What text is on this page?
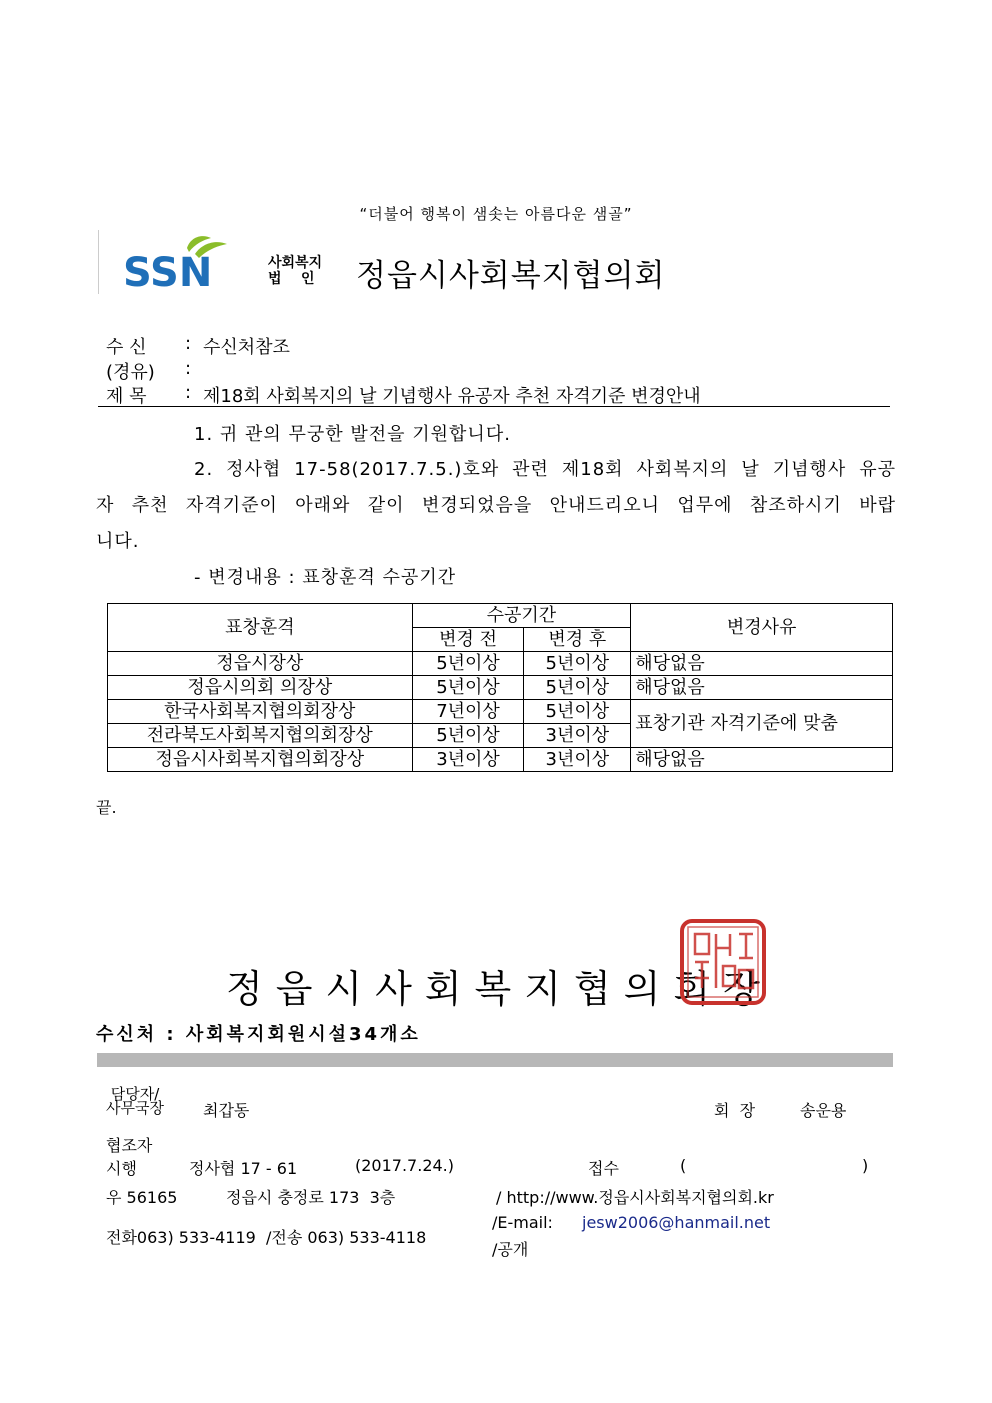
“더불어 행복이 샘솟는 아름다운 샘골”
SSN	사회복지
법    인 정읍시사회복지협의회
수 신 : 수신처참조
(경유) :
제 목 : 제18회 사회복지의 날 기념행사 유공자 추천 자격기준 변경안내
1. 귀 관의 무궁한 발전을 기원합니다.
2. 정사협 17-58(2017.7.5.)호와 관련 제18회 사회복지의 날 기념행사 유공
자 추천 자격기준이 아래와 같이 변경되었음을 안내드리오니 업무에 참조하시기 바랍
니다.
- 변경내용 : 표창훈격 수공기간
표창훈격	수공기간		변경사유
	변경 전	변경 후	
정읍시장상	5년이상	5년이상	해당없음
정읍시의회 의장상	5년이상	5년이상	해당없음
한국사회복지협의회장상	7년이상	5년이상	표창기관 자격기준에 맞춤
전라북도사회복지협의회장상	5년이상	3년이상	
정읍시사회복지협의회장상	3년이상	3년이상	해당없음
끝.
정읍시사회복지협의회장
수신처 : 사회복지회원시설34개소
담당자/
사무국장 최갑동	회  장	송운용
협조자
시행	정사협 17 - 61	(2017.7.24.)	접수	(	)
우 56165	정읍시 충정로 173  3층	/ http://www.정읍시사회복지협의회.kr
전화063) 533-4119  /전송 063) 533-4118
/E-mail: jesw2006@hanmail.net
/공개
